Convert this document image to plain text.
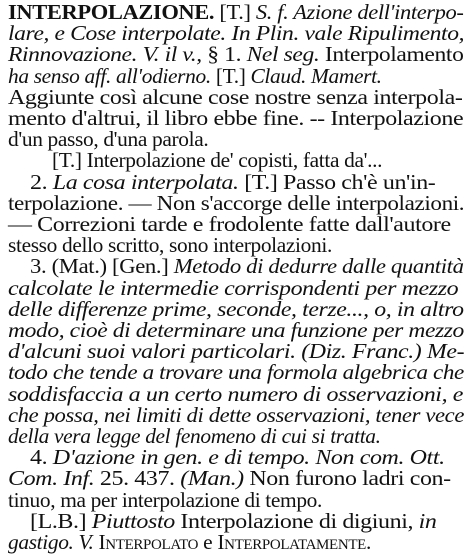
INTERPOLAZIONE. [T.] S. f. Azione dell'interpo-
lare, e Cose interpolate. In Plin. vale Ripulimento,
Rinnovazione. V. il v., § 1. Nel seg. Interpolamento
ha senso aff. all'odierno. [T.] Claud. Mamert.
Aggiunte così alcune cose nostre senza interpola-
mento d'altrui, il libro ebbe fine. -- Interpolazione
d'un passo, d'una parola.
[T.] Interpolazione de' copisti, fatta da'...
2. La cosa interpolata. [T.] Passo ch'è un'in-
terpolazione. — Non s'accorge delle interpolazioni.
— Correzioni tarde e frodolente fatte dall'autore
stesso dello scritto, sono interpolazioni.
3. (Mat.) [Gen.] Metodo di dedurre dalle quantità
calcolate le intermedie corrispondenti per mezzo
delle differenze prime, seconde, terze..., o, in altro
modo, cioè di determinare una funzione per mezzo
d'alcuni suoi valori particolari. (Diz. Franc.) Me-
todo che tende a trovare una formola algebrica che
soddisfaccia a un certo numero di osservazioni, e
che possa, nei limiti di dette osservazioni, tener vece
della vera legge del fenomeno di cui si tratta.
4. D'azione in gen. e di tempo. Non com. Ott.
Com. Inf. 25. 437. (Man.) Non furono ladri con-
tinuo, ma per interpolazione di tempo.
[L.B.] Piuttosto Interpolazione di digiuni, in
gastigo. V. Interpolato e Interpolatamente.
